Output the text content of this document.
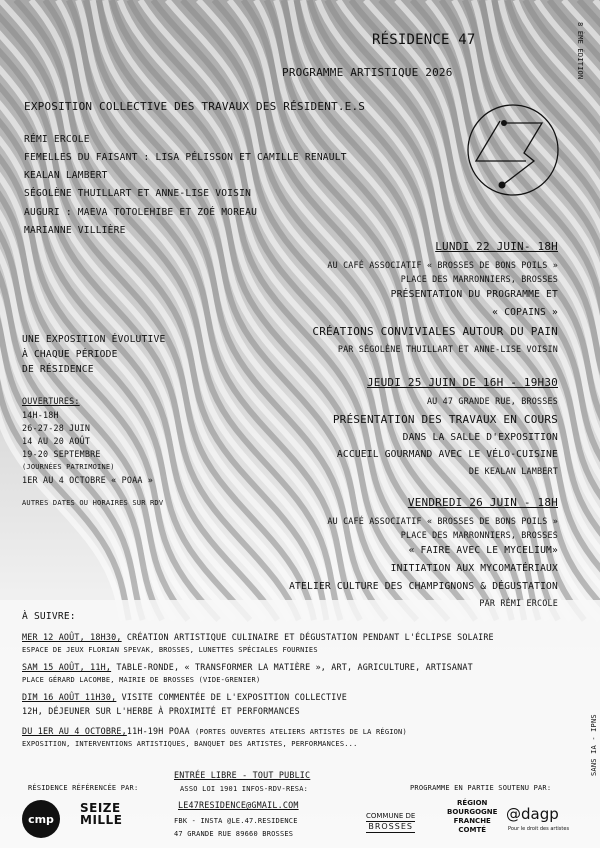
RÉSIDENCE 47
PROGRAMME ARTISTIQUE 2026	8 ÈME ÉDITION
EXPOSITION COLLECTIVE DES TRAVAUX DES RÉSIDENT.E.S
RÉMI ERCOLE
FEMELLES DU FAISANT : LISA PÉLISSON ET CAMILLE RENAULT
KEALAN LAMBERT
SÉGOLÈNE THUILLART ET ANNE-LISE VOISIN
AUGURI : MAEVA TOTOLEHIBE ET ZOÉ MOREAU
MARIANNE VILLIÈRE
LUNDI 22 JUIN- 18H
AU CAFÉ ASSOCIATIF « BROSSES DE BONS POILS »
PLACE DES MARRONNIERS, BROSSES
PRÉSENTATION DU PROGRAMME ET
« COPAINS »
CRÉATIONS CONVIVIALES AUTOUR DU PAIN
PAR SÉGOLÈNE THUILLART ET ANNE-LISE VOISIN
UNE EXPOSITION ÉVOLUTIVE
À CHAQUE PÉRIODE
DE RÉSIDENCE
OUVERTURES:
14H-18H
26-27-28 JUIN
14 AU 20 AOÛT
19-20 SEPTEMBRE
(JOURNÉES PATRIMOINE)
1ER AU 4 OCTOBRE « POAA »
AUTRES DATES OU HORAIRES SUR RDV
JEUDI 25 JUIN DE 16H - 19H30
AU 47 GRANDE RUE, BROSSES
PRÉSENTATION DES TRAVAUX EN COURS
DANS LA SALLE D'EXPOSITION
ACCUEIL GOURMAND AVEC LE VÉLO-CUISINE
DE KEALAN LAMBERT
VENDREDI 26 JUIN - 18H
AU CAFÉ ASSOCIATIF « BROSSES DE BONS POILS »
PLACE DES MARRONNIERS, BROSSES
« FAIRE AVEC LE MYCELIUM»
INITIATION AUX MYCOMATÉRIAUX
ATELIER CULTURE DES CHAMPIGNONS & DÉGUSTATION
PAR RÉMI ERCOLE
À SUIVRE:
MER 12 AOÛT, 18H30, CRÉATION ARTISTIQUE CULINAIRE ET DÉGUSTATION PENDANT L'ÉCLIPSE SOLAIRE
ESPACE DE JEUX FLORIAN SPEVAK, BROSSES, LUNETTES SPÉCIALES FOURNIES
SAM 15 AOÛT, 11H, TABLE-RONDE, « TRANSFORMER LA MATIÈRE », ART, AGRICULTURE, ARTISANAT
PLACE GÉRARD LACOMBE, MAIRIE DE BROSSES (VIDE-GRENIER)
DIM 16 AOÛT 11H30, VISITE COMMENTÉE DE L'EXPOSITION COLLECTIVE
12H, DÉJEUNER SUR L'HERBE À PROXIMITÉ ET PERFORMANCES
DU 1ER AU 4 OCTOBRE,11H-19H POAA (PORTES OUVERTES ATELIERS ARTISTES DE LA RÉGION)
EXPOSITION, INTERVENTIONS ARTISTIQUES, BANQUET DES ARTISTES, PERFORMANCES...	SANS IA - IPNS
RÉSIDENCE RÉFÉRENCÉE PAR:
cmp
SEIZE
MILLE
ENTRÉE LIBRE - TOUT PUBLIC
ASSO LOI 1901 INFOS-RDV-RESA:
LE47RESIDENCE@GMAIL.COM
FBK - INSTA @LE.47.RESIDENCE
47 GRANDE RUE 89660 BROSSES
PROGRAMME EN PARTIE SOUTENU PAR:
COMMUNE DE
BROSSES
RÉGION
BOURGOGNE
FRANCHE
COMTÉ
@dagp
Pour le droit des artistes
